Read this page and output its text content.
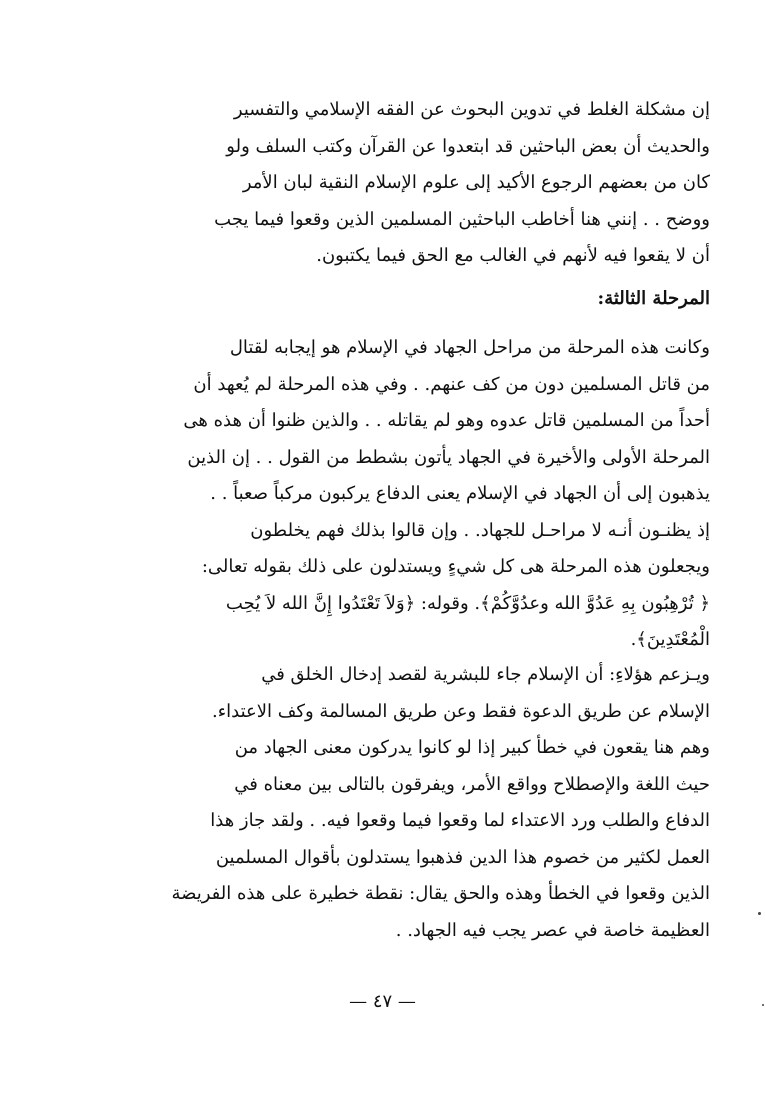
إن مشكلة الغلط في تدوين البحوث عن الفقه الإسلامي والتفسير
والحديث أن بعض الباحثين قد ابتعدوا عن القرآن وكتب السلف ولو
كان من بعضهم الرجوع الأكيد إلى علوم الإسلام النقية لبان الأمر
ووضح . . إنني هنا أخاطب الباحثين المسلمين الذين وقعوا فيما يجب
أن لا يقعوا فيه لأنهم في الغالب مع الحق فيما يكتبون.
المرحلة الثالثة:
وكانت هذه المرحلة من مراحل الجهاد في الإسلام هو إيجابه لقتال
من قاتل المسلمين دون من كف عنهم. . وفي هذه المرحلة لم يُعهد أن
أحداً من المسلمين قاتل عدوه وهو لم يقاتله . . والذين ظنوا أن هذه هى
المرحلة الأولى والأخيرة في الجهاد يأتون بشطط من القول . . إن الذين
يذهبون إلى أن الجهاد في الإسلام يعنى الدفاع يركبون مركباً صعباً . .
إذ يظنـون أنـه لا مراحـل للجهاد. . وإن قالوا بذلك فهم يخلطون
ويجعلون هذه المرحلة هى كل شيءٍ ويستدلون على ذلك بقوله تعالى:
﴿ تُرْهِبُون بِهِ عَدُوَّ الله وعدُوَّكُمْ﴾. وقوله: ﴿وَلاَ تَعْتَدُوا إِنَّ الله لاَ يُحِب
الْمُعْتَدِينَ﴾.
ويـزعم هؤلاءِ: أن الإسلام جاء للبشرية لقصد إدخال الخلق في
الإسلام عن طريق الدعوة فقط وعن طريق المسالمة وكف الاعتداء.
وهم هنا يقعون في خطأ كبير إذا لو كانوا يدركون معنى الجهاد من
حيث اللغة والإصطلاح وواقع الأمر، ويفرقون بالتالى بين معناه في
الدفاع والطلب ورد الاعتداء لما وقعوا فيما وقعوا فيه. . ولقد جاز هذا
العمل لكثير من خصوم هذا الدين فذهبوا يستدلون بأقوال المسلمين
الذين وقعوا في الخطأ وهذه والحق يقال: نقطة خطيرة على هذه الفريضة
العظيمة خاصة في عصر يجب فيه الجهاد. .
— ٤٧ —
